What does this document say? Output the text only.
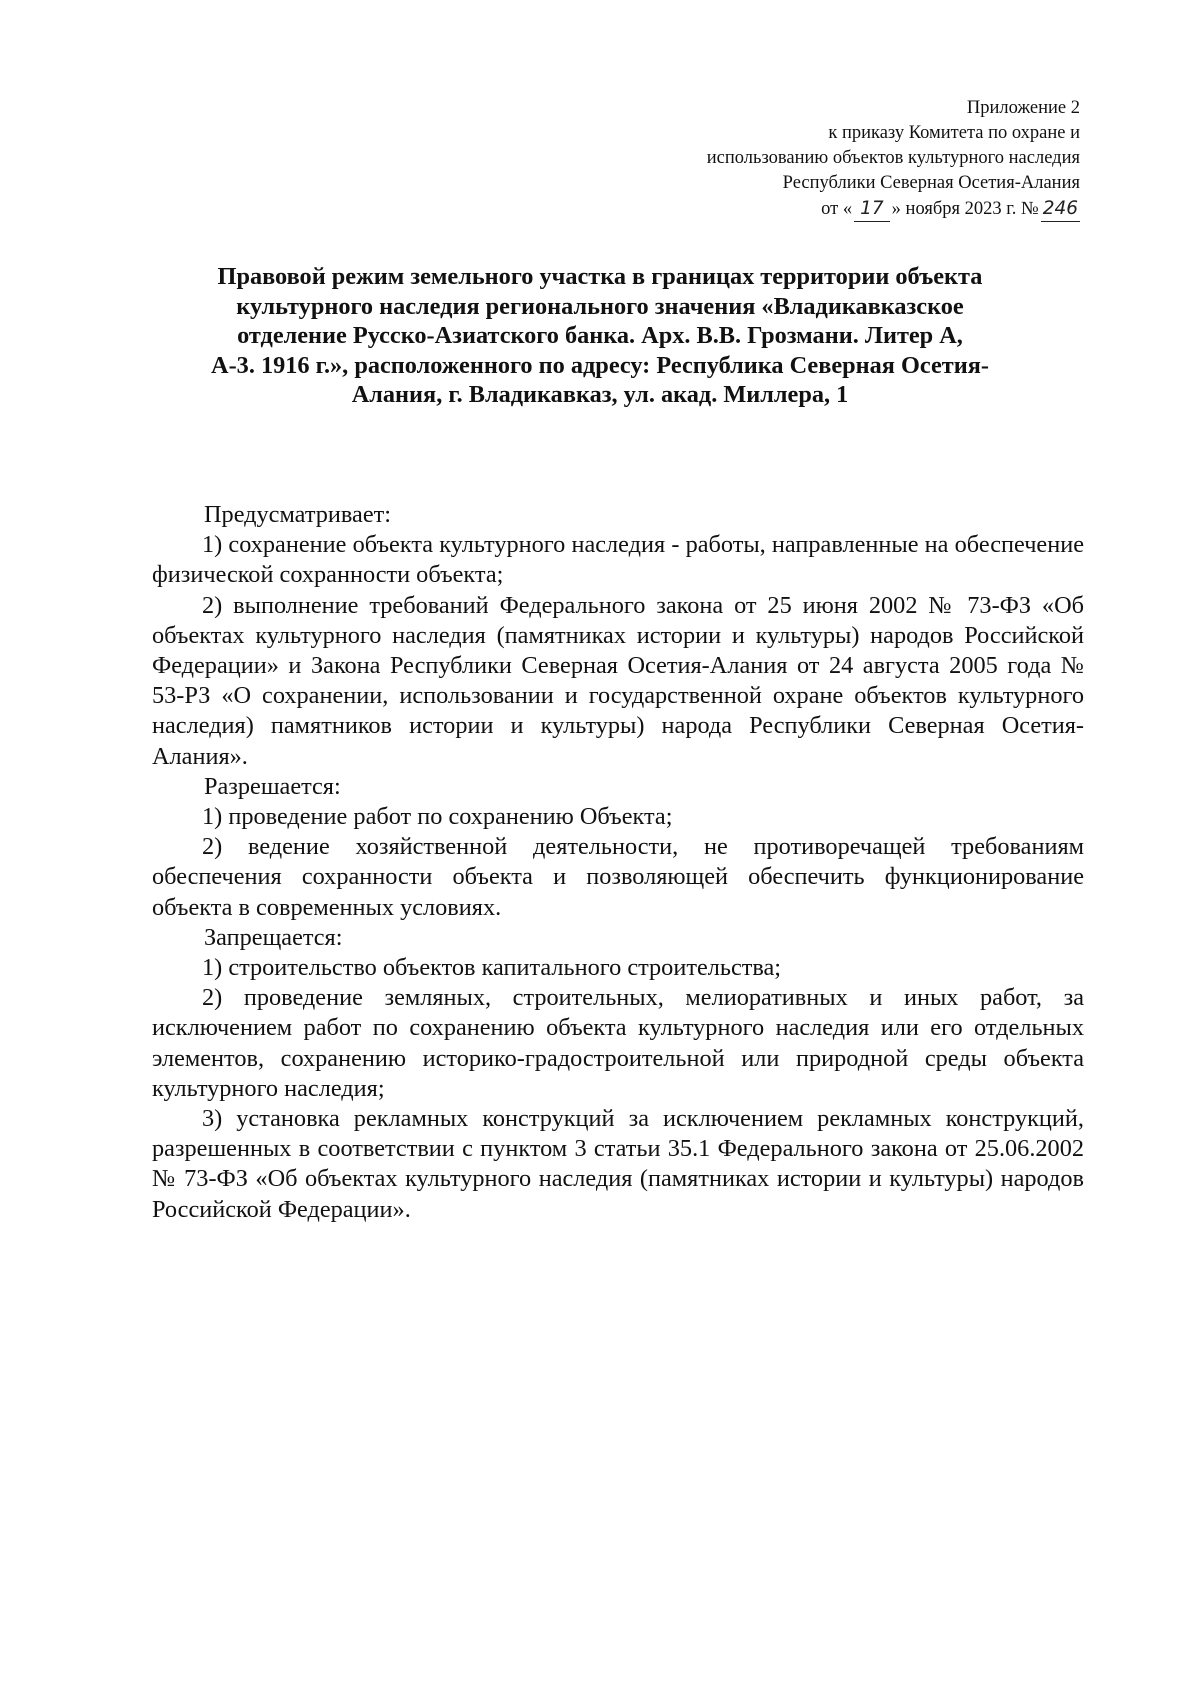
Приложение 2
к приказу Комитета по охране и
использованию объектов культурного наследия
Республики Северная Осетия-Алания
от « 17 » ноября 2023 г. № 246
Правовой режим земельного участка в границах территории объекта
культурного наследия регионального значения «Владикавказское
отделение Русско-Азиатского банка. Арх. В.В. Грозмани. Литер А,
А-3. 1916 г.», расположенного по адресу: Республика Северная Осетия-
Алания, г. Владикавказ, ул. акад. Миллера, 1

Предусматривает:

1) сохранение объекта культурного наследия - работы, направленные на обеспечение физической сохранности объекта;

2) выполнение требований Федерального закона от 25 июня 2002 № 73-ФЗ «Об объектах культурного наследия (памятниках истории и культуры) народов Российской Федерации» и Закона Республики Северная Осетия-Алания от 24 августа 2005 года № 53-РЗ «О сохранении, использовании и государственной охране объектов культурного наследия) памятников истории и культуры) народа Республики Северная Осетия-Алания».

Разрешается:

1) проведение работ по сохранению Объекта;

2) ведение хозяйственной деятельности, не противоречащей требованиям обеспечения сохранности объекта и позволяющей обеспечить функционирование объекта в современных условиях.

Запрещается:

1) строительство объектов капитального строительства;

2) проведение земляных, строительных, мелиоративных и иных работ, за исключением работ по сохранению объекта культурного наследия или его отдельных элементов, сохранению историко-градостроительной или природной среды объекта культурного наследия;

3) установка рекламных конструкций за исключением рекламных конструкций, разрешенных в соответствии с пунктом 3 статьи 35.1 Федерального закона от 25.06.2002 № 73-ФЗ «Об объектах культурного наследия (памятниках истории и культуры) народов Российской Федерации».
